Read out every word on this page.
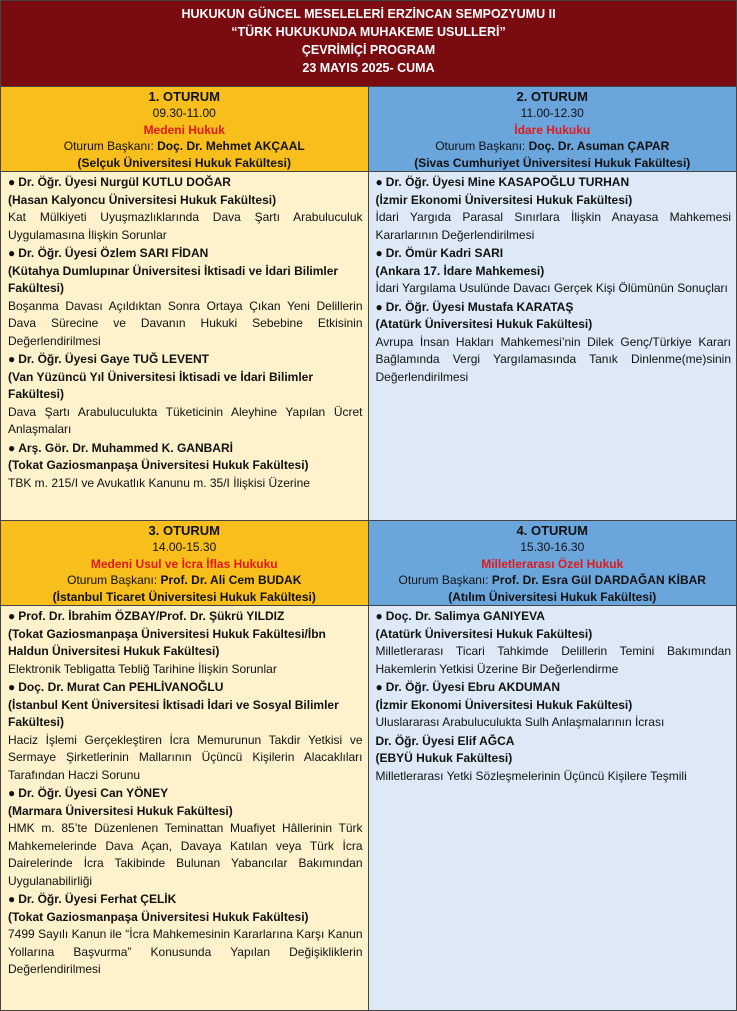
HUKUKUN GÜNCEL MESELELERİ ERZİNCAN SEMPOZYUMU II
“TÜRK HUKUKUNDA MUHAKEME USULLERİ”
ÇEVRİMİÇİ PROGRAM
23 MAYIS 2025- CUMA
1. OTURUM
09.30-11.00
Medeni Hukuk
Oturum Başkanı: Doç. Dr. Mehmet AKÇAAL
(Selçuk Üniversitesi Hukuk Fakültesi)
● Dr. Öğr. Üyesi Nurgül KUTLU DOĞAR
(Hasan Kalyoncu Üniversitesi Hukuk Fakültesi)
Kat Mülkiyeti Uyuşmazlıklarında Dava Şartı Arabuluculuk Uygulamasına İlişkin Sorunlar
● Dr. Öğr. Üyesi Özlem SARI FİDAN
(Kütahya Dumlupınar Üniversitesi İktisadi ve İdari Bilimler Fakültesi)
Boşanma Davası Açıldıktan Sonra Ortaya Çıkan Yeni Delillerin Dava Sürecine ve Davanın Hukuki Sebebine Etkisinin Değerlendirilmesi
● Dr. Öğr. Üyesi Gaye TUĞ LEVENT
(Van Yüzüncü Yıl Üniversitesi İktisadi ve İdari Bilimler Fakültesi)
Dava Şartı Arabuluculukta Tüketicinin Aleyhine Yapılan Ücret Anlaşmaları
● Arş. Gör. Dr. Muhammed K. GANBARİ
(Tokat Gaziosmanpaşa Üniversitesi Hukuk Fakültesi)
TBK m. 215/I ve Avukatlık Kanunu m. 35/I İlişkisi Üzerine
2. OTURUM
11.00-12.30
İdare Hukuku
Oturum Başkanı: Doç. Dr. Asuman ÇAPAR
(Sivas Cumhuriyet Üniversitesi Hukuk Fakültesi)
● Dr. Öğr. Üyesi Mine KASAPOĞLU TURHAN
(İzmir Ekonomi Üniversitesi Hukuk Fakültesi)
İdari Yargıda Parasal Sınırlara İlişkin Anayasa Mahkemesi Kararlarının Değerlendirilmesi
● Dr. Ömür Kadri SARI
(Ankara 17. İdare Mahkemesi)
İdari Yargılama Usulünde Davacı Gerçek Kişi Ölümünün Sonuçları
● Dr. Öğr. Üyesi Mustafa KARATAŞ
(Atatürk Üniversitesi Hukuk Fakültesi)
Avrupa İnsan Hakları Mahkemesi’nin Dilek Genç/Türkiye Kararı Bağlamında Vergi Yargılamasında Tanık Dinlenme(me)sinin Değerlendirilmesi
3. OTURUM
14.00-15.30
Medeni Usul ve İcra İflas Hukuku
Oturum Başkanı: Prof. Dr. Ali Cem BUDAK
(İstanbul Ticaret Üniversitesi Hukuk Fakültesi)
● Prof. Dr. İbrahim ÖZBAY/Prof. Dr. Şükrü YILDIZ
(Tokat Gaziosmanpaşa Üniversitesi Hukuk Fakültesi/İbn Haldun Üniversitesi Hukuk Fakültesi)
Elektronik Tebligatta Tebliğ Tarihine İlişkin Sorunlar
● Doç. Dr. Murat Can PEHLİVANOĞLU
(İstanbul Kent Üniversitesi İktisadi İdari ve Sosyal Bilimler Fakültesi)
Haciz İşlemi Gerçekleştiren İcra Memurunun Takdir Yetkisi ve Sermaye Şirketlerinin Mallarının Üçüncü Kişilerin Alacaklıları Tarafından Haczi Sorunu
● Dr. Öğr. Üyesi Can YÖNEY
(Marmara Üniversitesi Hukuk Fakültesi)
HMK m. 85’te Düzenlenen Teminattan Muafiyet Hâllerinin Türk Mahkemelerinde Dava Açan, Davaya Katılan veya Türk İcra Dairelerinde İcra Takibinde Bulunan Yabancılar Bakımından Uygulanabilirliği
● Dr. Öğr. Üyesi Ferhat ÇELİK
(Tokat Gaziosmanpaşa Üniversitesi Hukuk Fakültesi)
7499 Sayılı Kanun ile “İcra Mahkemesinin Kararlarına Karşı Kanun Yollarına Başvurma” Konusunda Yapılan Değişikliklerin Değerlendirilmesi
4. OTURUM
15.30-16.30
Milletlerarası Özel Hukuk
Oturum Başkanı: Prof. Dr. Esra Gül DARDAĞAN KİBAR
(Atılım Üniversitesi Hukuk Fakültesi)
● Doç. Dr. Salimya GANIYEVA
(Atatürk Üniversitesi Hukuk Fakültesi)
Milletlerarası Ticari Tahkimde Delillerin Temini Bakımından Hakemlerin Yetkisi Üzerine Bir Değerlendirme
● Dr. Öğr. Üyesi Ebru AKDUMAN
(İzmir Ekonomi Üniversitesi Hukuk Fakültesi)
Uluslararası Arabuluculukta Sulh Anlaşmalarının İcrası
Dr. Öğr. Üyesi Elif AĞCA
(EBYÜ Hukuk Fakültesi)
Milletlerarası Yetki Sözleşmelerinin Üçüncü Kişilere Teşmili
